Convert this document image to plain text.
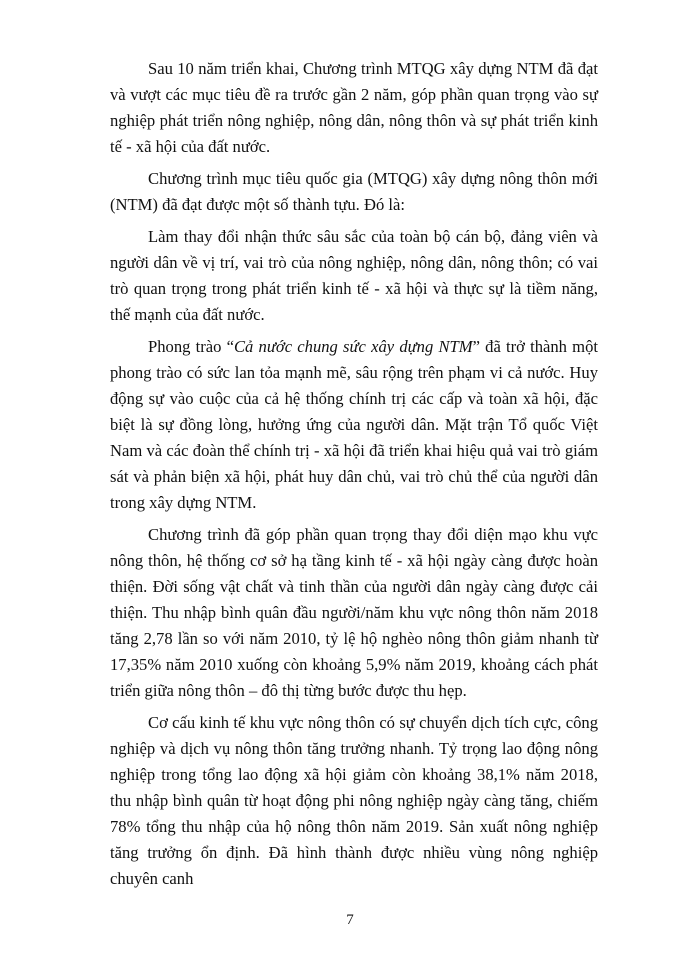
Sau 10 năm triển khai, Chương trình MTQG xây dựng NTM đã đạt và vượt các mục tiêu đề ra trước gần 2 năm, góp phần quan trọng vào sự nghiệp phát triển nông nghiệp, nông dân, nông thôn và sự phát triển kinh tế - xã hội của đất nước.

Chương trình mục tiêu quốc gia (MTQG) xây dựng nông thôn mới (NTM) đã đạt được một số thành tựu. Đó là:

Làm thay đổi nhận thức sâu sắc của toàn bộ cán bộ, đảng viên và người dân về vị trí, vai trò của nông nghiệp, nông dân, nông thôn; có vai trò quan trọng trong phát triển kinh tế - xã hội và thực sự là tiềm năng, thế mạnh của đất nước.

Phong trào “Cả nước chung sức xây dựng NTM” đã trở thành một phong trào có sức lan tỏa mạnh mẽ, sâu rộng trên phạm vi cả nước. Huy động sự vào cuộc của cả hệ thống chính trị các cấp và toàn xã hội, đặc biệt là sự đồng lòng, hưởng ứng của người dân. Mặt trận Tổ quốc Việt Nam và các đoàn thể chính trị - xã hội đã triển khai hiệu quả vai trò giám sát và phản biện xã hội, phát huy dân chủ, vai trò chủ thể của người dân trong xây dựng NTM.

Chương trình đã góp phần quan trọng thay đổi diện mạo khu vực nông thôn, hệ thống cơ sở hạ tầng kinh tế - xã hội ngày càng được hoàn thiện. Đời sống vật chất và tinh thần của người dân ngày càng được cải thiện. Thu nhập bình quân đầu người/năm khu vực nông thôn năm 2018 tăng 2,78 lần so với năm 2010, tỷ lệ hộ nghèo nông thôn giảm nhanh từ 17,35% năm 2010 xuống còn khoảng 5,9% năm 2019, khoảng cách phát triển giữa nông thôn – đô thị từng bước được thu hẹp.

Cơ cấu kinh tế khu vực nông thôn có sự chuyển dịch tích cực, công nghiệp và dịch vụ nông thôn tăng trưởng nhanh. Tỷ trọng lao động nông nghiệp trong tổng lao động xã hội giảm còn khoảng 38,1% năm 2018, thu nhập bình quân từ hoạt động phi nông nghiệp ngày càng tăng, chiếm 78% tổng thu nhập của hộ nông thôn năm 2019. Sản xuất nông nghiệp tăng trưởng ổn định. Đã hình thành được nhiều vùng nông nghiệp chuyên canh

7
